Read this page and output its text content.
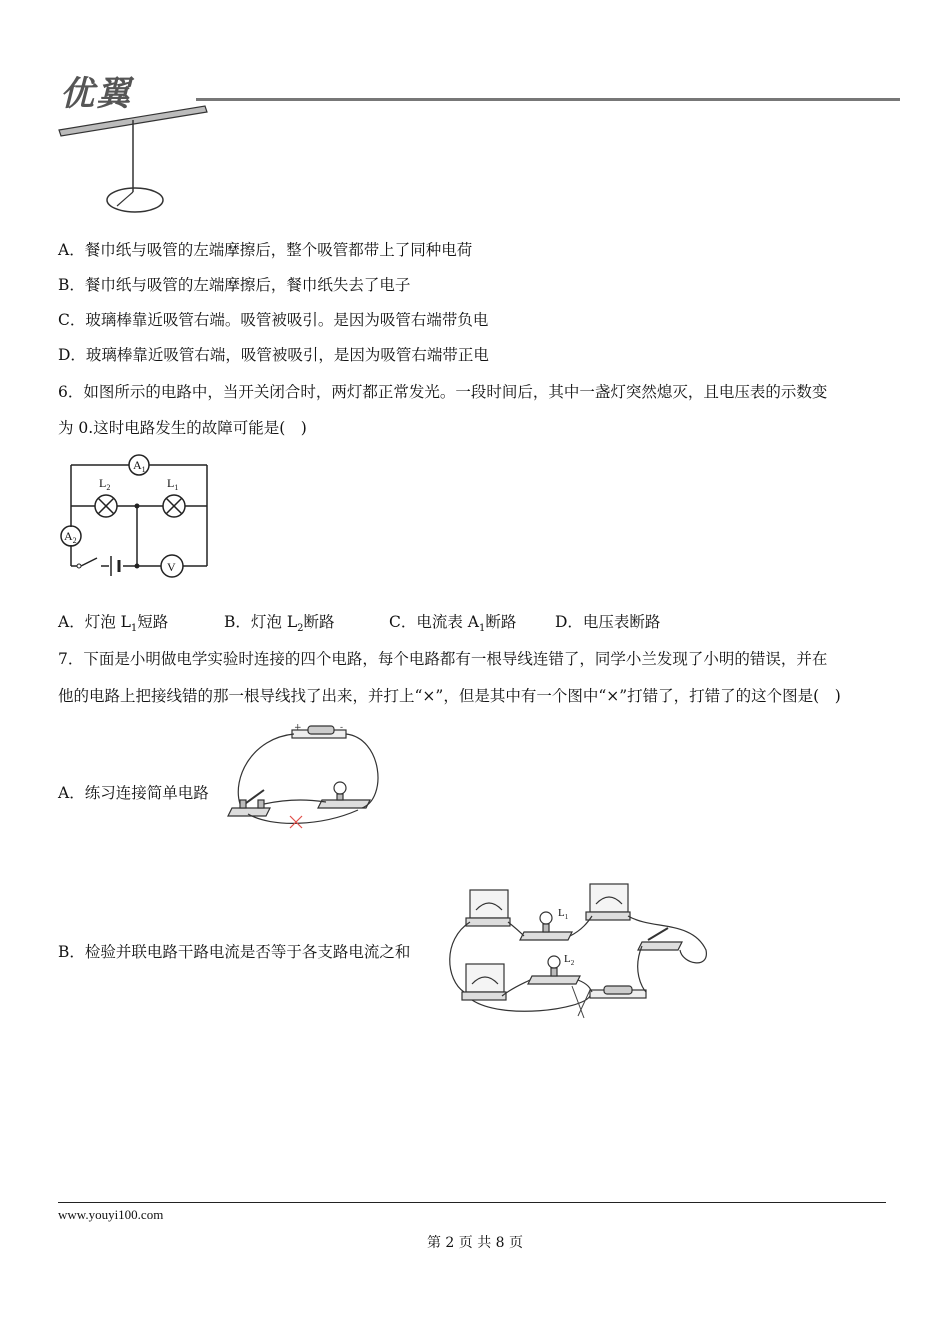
优翼
A．餐巾纸与吸管的左端摩擦后，整个吸管都带上了同种电荷
B．餐巾纸与吸管的左端摩擦后，餐巾纸失去了电子
C．玻璃棒靠近吸管右端。吸管被吸引。是因为吸管右端带负电
D．玻璃棒靠近吸管右端，吸管被吸引，是因为吸管右端带正电
6．如图所示的电路中，当开关闭合时，两灯都正常发光。一段时间后，其中一盏灯突然熄灭，且电压表的示数变
为 0.这时电路发生的故障可能是(　)
$A_1$
$L_2$	$L_1$
$A_2$
V
A．灯泡 $L_1$短路	B．灯泡 $L_2$断路	C．电流表 $A_1$断路 D．电压表断路
7．下面是小明做电学实验时连接的四个电路，每个电路都有一根导线连错了，同学小兰发现了小明的错误，并在
他的电路上把接线错的那一根导线找了出来，并打上“×”，但是其中有一个图中“×”打错了，打错了的这个图是(　)
A．练习连接简单电路
+	-
B．检验并联电路干路电流是否等于各支路电流之和
$L_1$
$L_2$
www.youyi100.com
第 2 页 共 8 页
